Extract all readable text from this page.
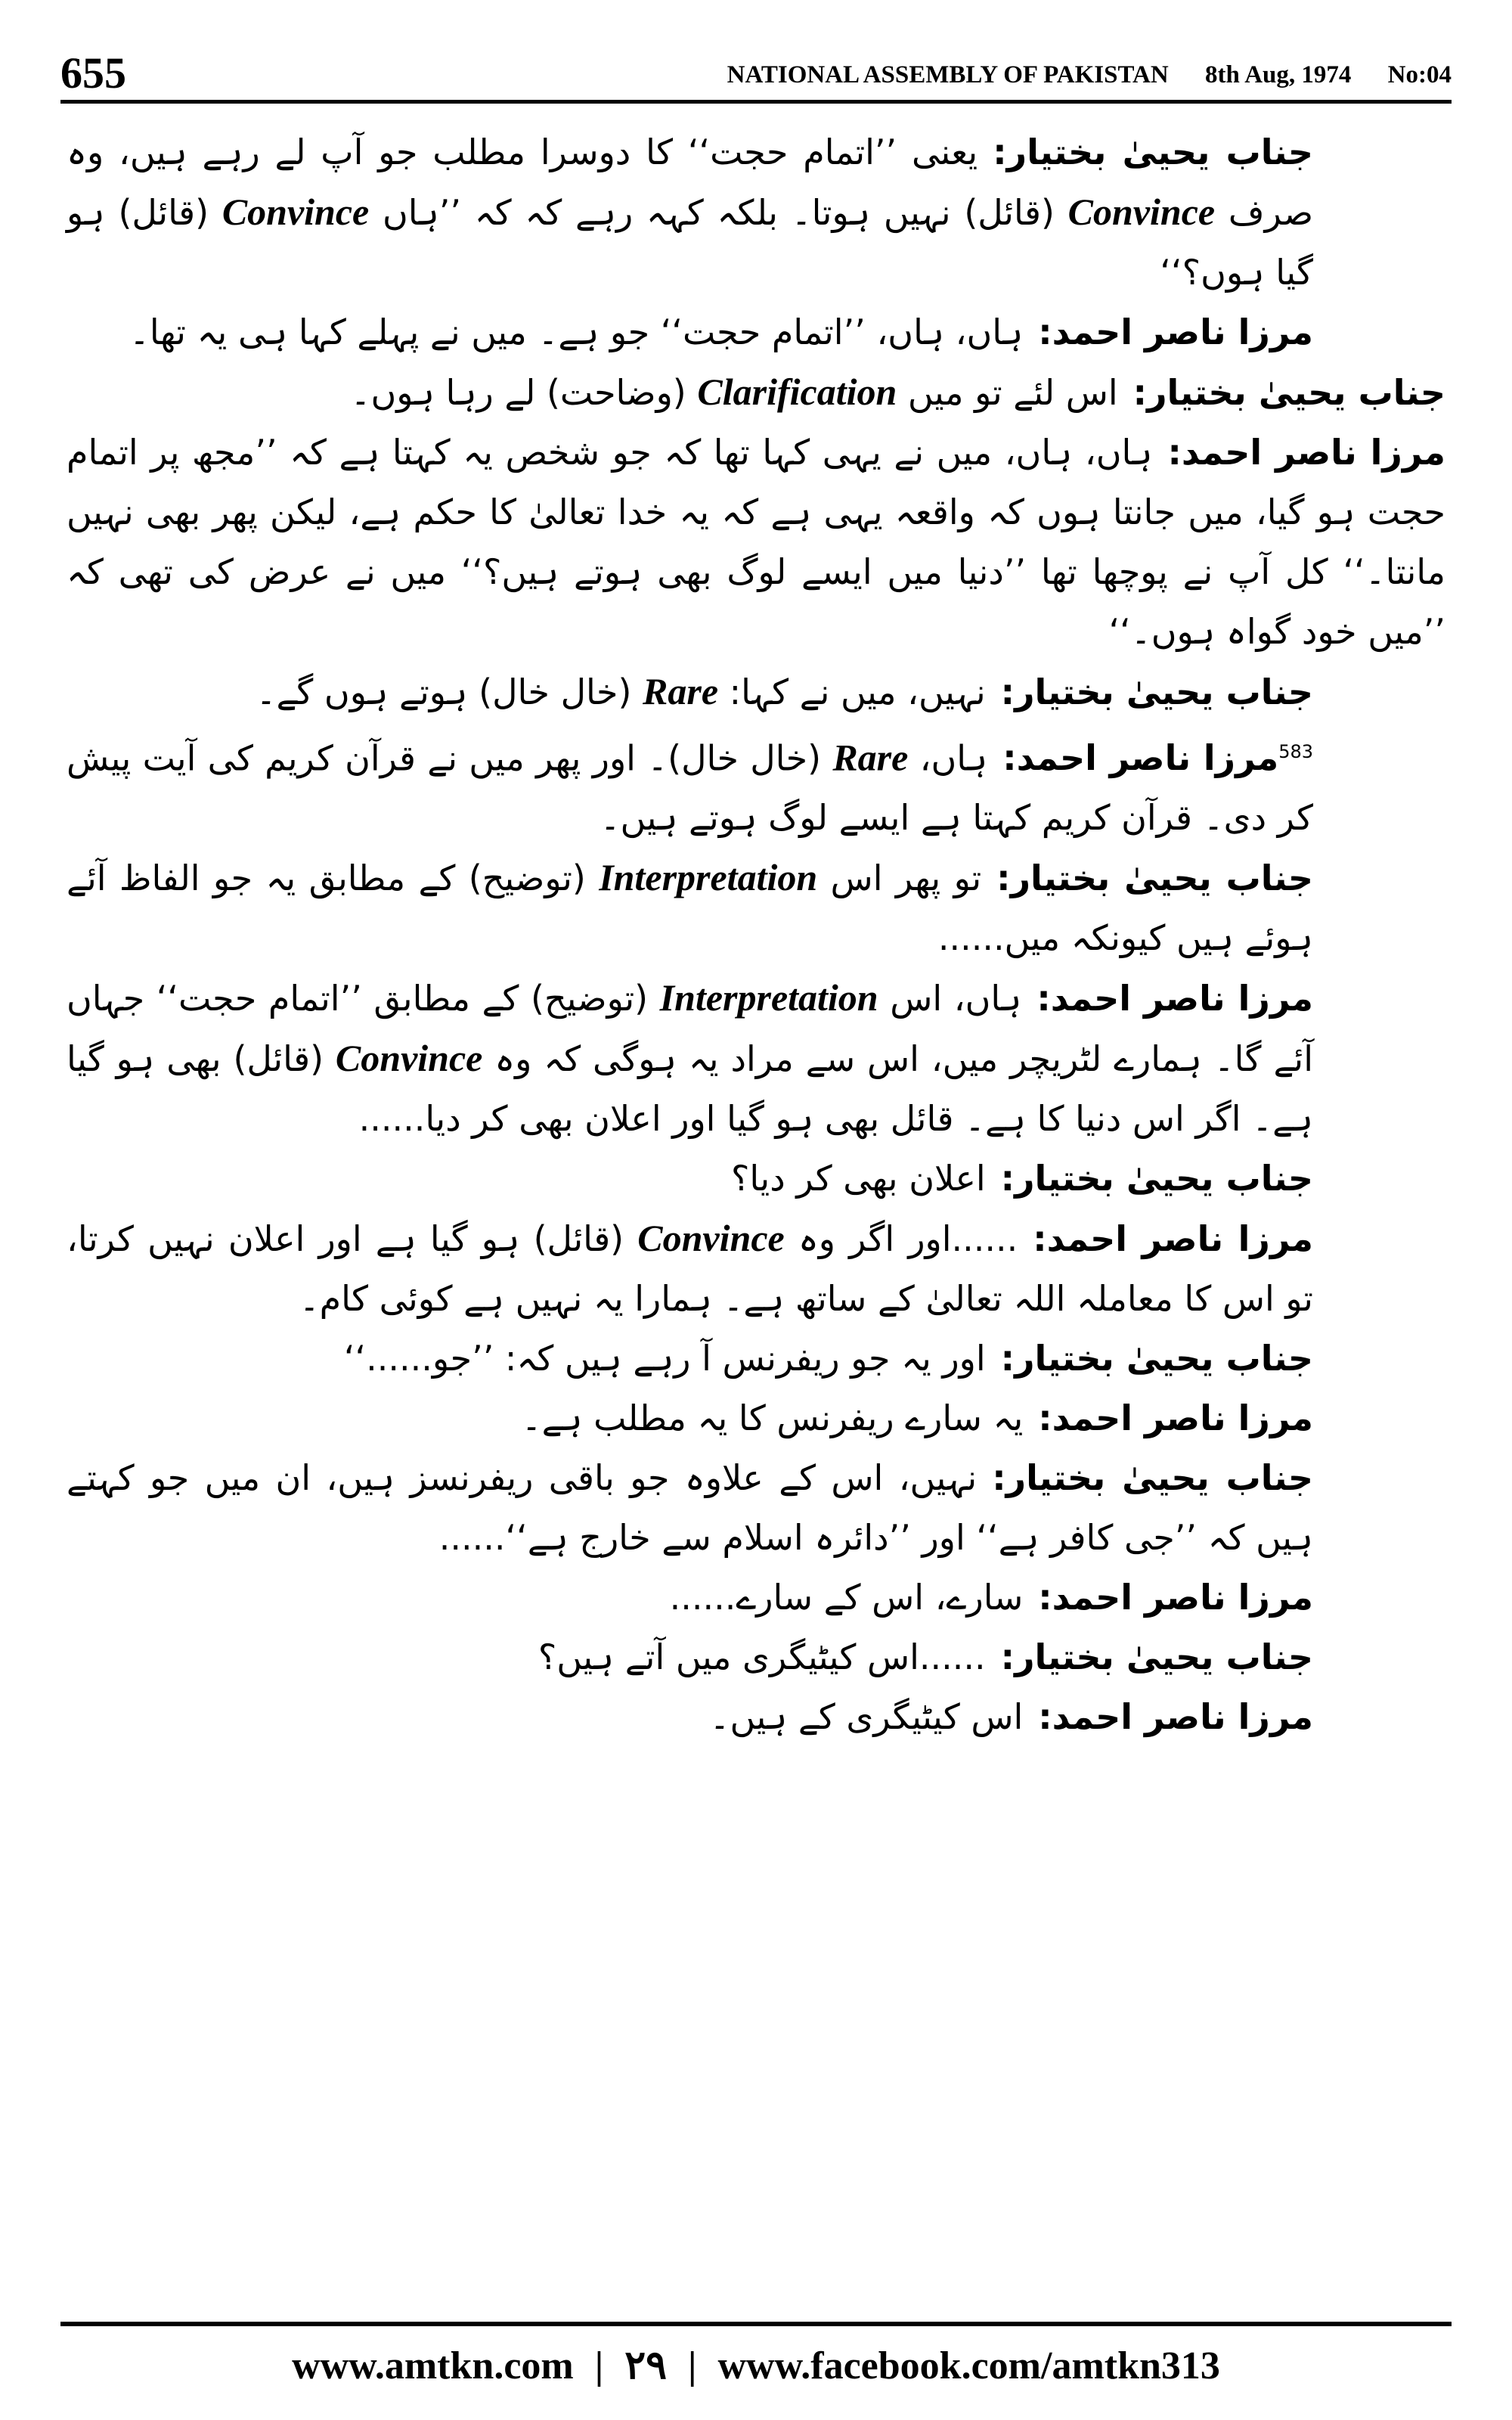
655	NATIONAL ASSEMBLY OF PAKISTAN 8th Aug, 1974 No:04

جناب یحییٰ بختیار:یعنی ’’اتمام حجت‘‘ کا دوسرا مطلب جو آپ لے رہے ہیں، وہ صرف Convince (قائل) نہیں ہوتا۔ بلکہ کہہ رہے کہ کہ ’’ہاں Convince (قائل) ہو گیا ہوں؟‘‘

مرزا ناصر احمد:ہاں، ہاں، ’’اتمام حجت‘‘ جو ہے۔ میں نے پہلے کہا ہی یہ تھا۔

جناب یحییٰ بختیار:اس لئے تو میں Clarification (وضاحت) لے رہا ہوں۔

مرزا ناصر احمد:ہاں، ہاں، میں نے یہی کہا تھا کہ جو شخص یہ کہتا ہے کہ ’’مجھ پر اتمام حجت ہو گیا، میں جانتا ہوں کہ واقعہ یہی ہے کہ یہ خدا تعالیٰ کا حکم ہے، لیکن پھر بھی نہیں مانتا۔‘‘ کل آپ نے پوچھا تھا ’’دنیا میں ایسے لوگ بھی ہوتے ہیں؟‘‘ میں نے عرض کی تھی کہ ’’میں خود گواہ ہوں۔‘‘

جناب یحییٰ بختیار:نہیں، میں نے کہا: Rare (خال خال) ہوتے ہوں گے۔

$^{583}$مرزا ناصر احمد:ہاں، Rare (خال خال)۔ اور پھر میں نے قرآن کریم کی آیت پیش کر دی۔ قرآن کریم کہتا ہے ایسے لوگ ہوتے ہیں۔

جناب یحییٰ بختیار:تو پھر اس Interpretation (توضیح) کے مطابق یہ جو الفاظ آئے ہوئے ہیں کیونکہ میں......

مرزا ناصر احمد:ہاں، اس Interpretation (توضیح) کے مطابق ’’اتمام حجت‘‘ جہاں آئے گا۔ ہمارے لٹریچر میں، اس سے مراد یہ ہوگی کہ وہ Convince (قائل) بھی ہو گیا ہے۔ اگر اس دنیا کا ہے۔ قائل بھی ہو گیا اور اعلان بھی کر دیا......

جناب یحییٰ بختیار:اعلان بھی کر دیا؟

مرزا ناصر احمد:......اور اگر وہ Convince (قائل) ہو گیا ہے اور اعلان نہیں کرتا، تو اس کا معاملہ اللہ تعالیٰ کے ساتھ ہے۔ ہمارا یہ نہیں ہے کوئی کام۔

جناب یحییٰ بختیار:اور یہ جو ریفرنس آ رہے ہیں کہ: ’’جو......‘‘

مرزا ناصر احمد:یہ سارے ریفرنس کا یہ مطلب ہے۔

جناب یحییٰ بختیار:نہیں، اس کے علاوہ جو باقی ریفرنسز ہیں، ان میں جو کہتے ہیں کہ ’’جی کافر ہے‘‘ اور ’’دائرہ اسلام سے خارج ہے‘‘......

مرزا ناصر احمد:سارے، اس کے سارے......

جناب یحییٰ بختیار:......اس کیٹیگری میں آتے ہیں؟

مرزا ناصر احمد:اس کیٹیگری کے ہیں۔

www.amtkn.com | ۲۹ | www.facebook.com/amtkn313
